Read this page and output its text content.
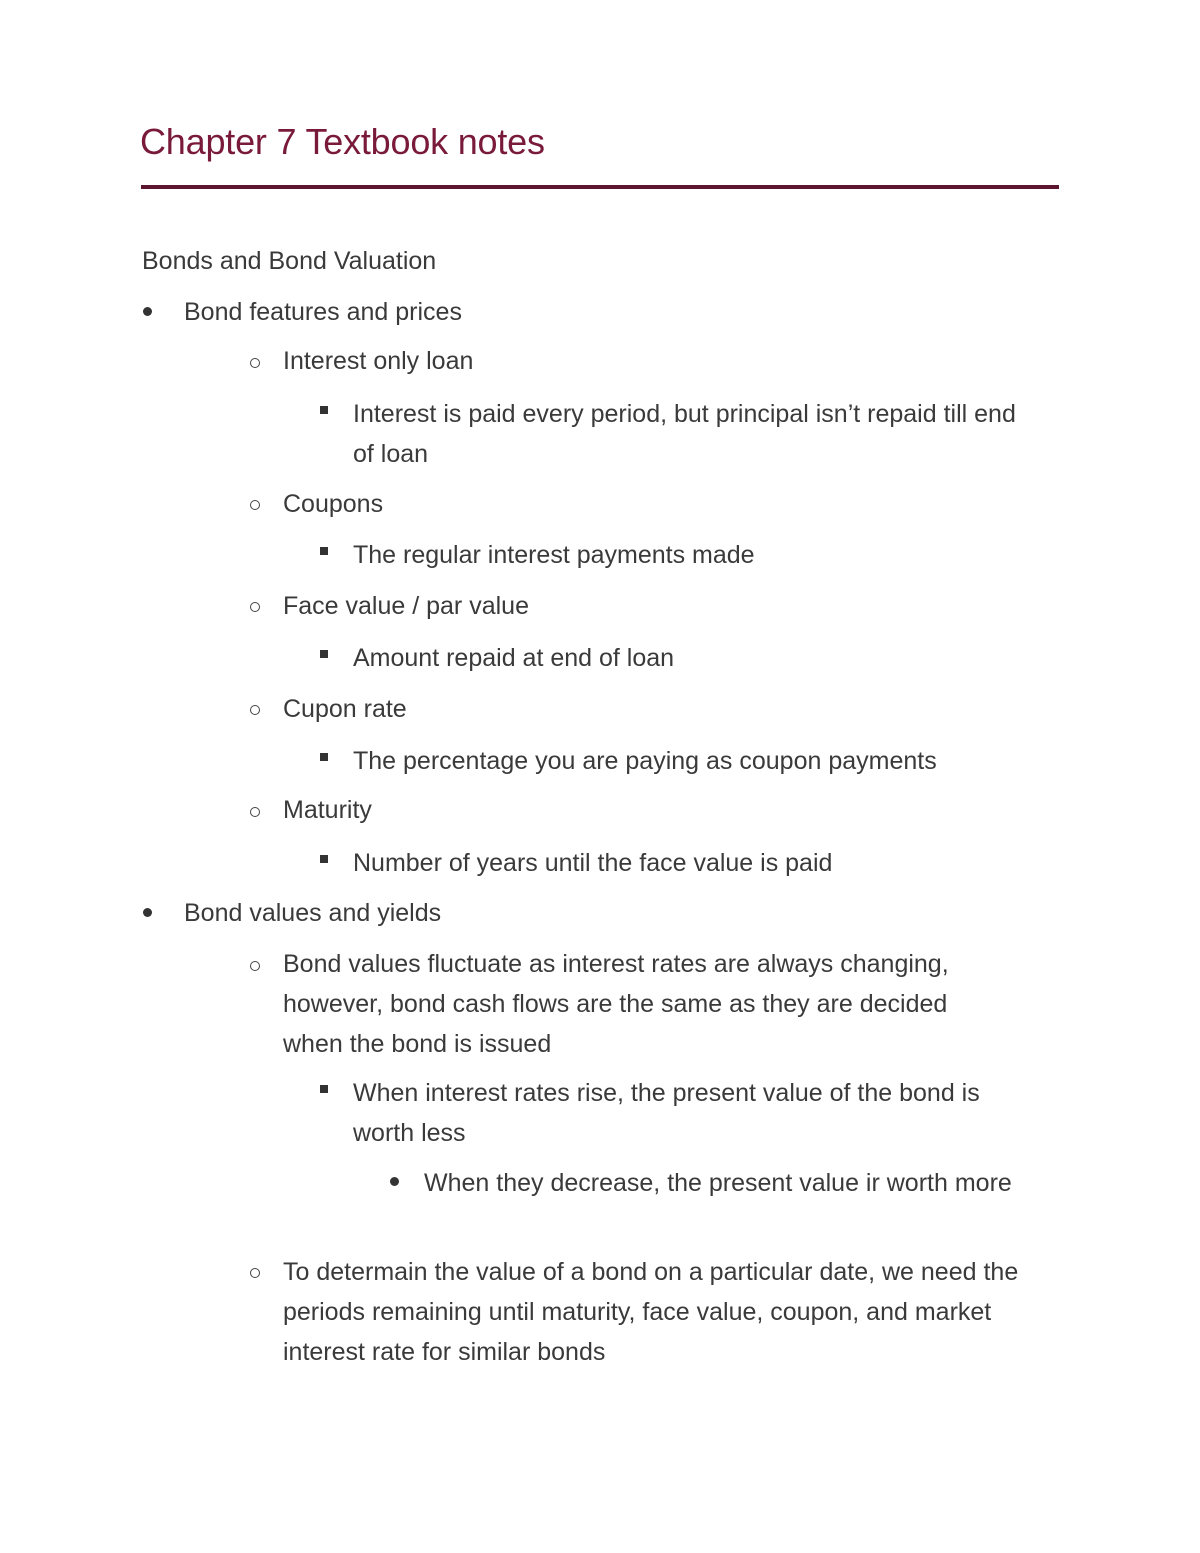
Chapter 7 Textbook notes
Bonds and Bond Valuation
Bond features and prices
Interest only loan
Interest is paid every period, but principal isn’t repaid till end of loan
Coupons
The regular interest payments made
Face value / par value
Amount repaid at end of loan
Cupon rate
The percentage you are paying as coupon payments
Maturity
Number of years until the face value is paid
Bond values and yields
Bond values fluctuate as interest rates are always changing, however, bond cash flows are the same as they are decided when the bond is issued
When interest rates rise, the present value of the bond is worth less
When they decrease, the present value ir worth more
To determain the value of a bond on a particular date, we need the periods remaining until maturity, face value, coupon, and market interest rate for similar bonds
